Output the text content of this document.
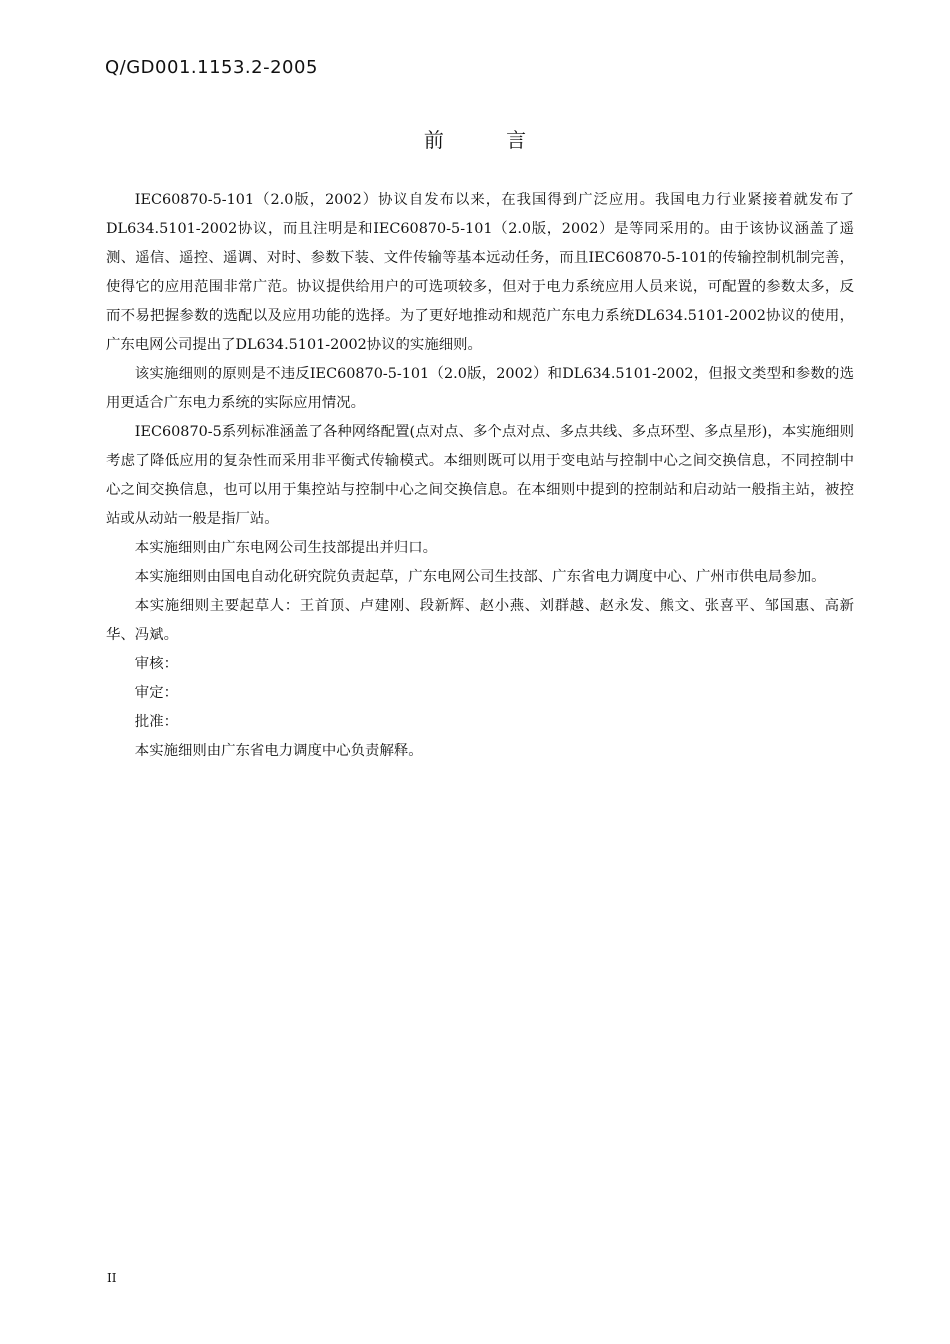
Q/GD001.1153.2-2005
前 言

IEC60870-5-101（2.0版，2002）协议自发布以来，在我国得到广泛应用。我国电力行业紧接着就发布了DL634.5101-2002协议，而且注明是和IEC60870-5-101（2.0版，2002）是等同采用的。由于该协议涵盖了遥测、遥信、遥控、遥调、对时、参数下装、文件传输等基本远动任务，而且IEC60870-5-101的传输控制机制完善，使得它的应用范围非常广范。协议提供给用户的可选项较多，但对于电力系统应用人员来说，可配置的参数太多，反而不易把握参数的选配以及应用功能的选择。为了更好地推动和规范广东电力系统DL634.5101-2002协议的使用，广东电网公司提出了DL634.5101-2002协议的实施细则。

该实施细则的原则是不违反IEC60870-5-101（2.0版，2002）和DL634.5101-2002，但报文类型和参数的选用更适合广东电力系统的实际应用情况。

IEC60870-5系列标准涵盖了各种网络配置(点对点、多个点对点、多点共线、多点环型、多点星形)，本实施细则考虑了降低应用的复杂性而采用非平衡式传输模式。本细则既可以用于变电站与控制中心之间交换信息，不同控制中心之间交换信息，也可以用于集控站与控制中心之间交换信息。在本细则中提到的控制站和启动站一般指主站，被控站或从动站一般是指厂站。

本实施细则由广东电网公司生技部提出并归口。

本实施细则由国电自动化研究院负责起草，广东电网公司生技部、广东省电力调度中心、广州市供电局参加。

本实施细则主要起草人：王首顶、卢建刚、段新辉、赵小燕、刘群越、赵永发、熊文、张喜平、邹国惠、高新华、冯斌。

审核：

审定：

批准：

本实施细则由广东省电力调度中心负责解释。

II
